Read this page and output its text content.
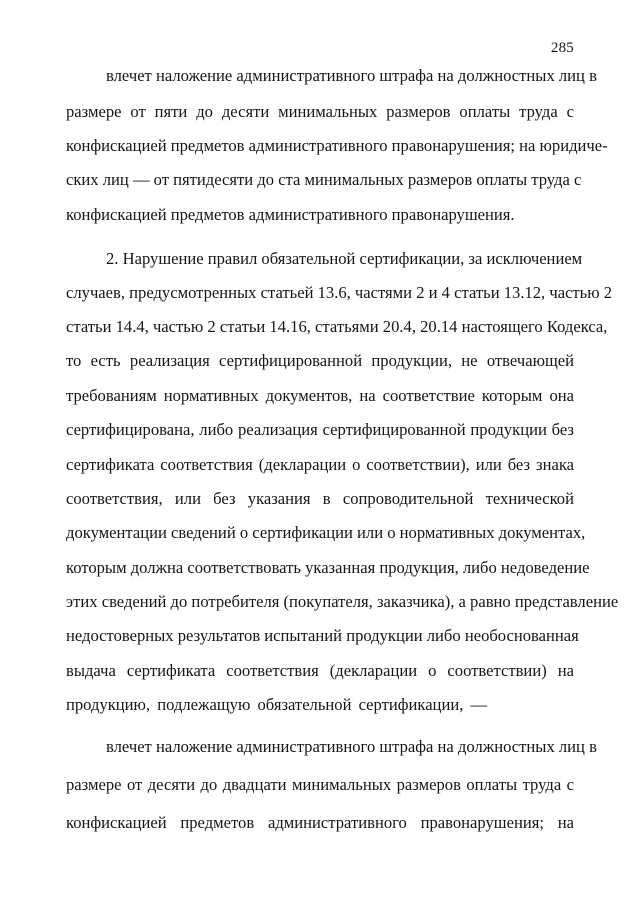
285
влечет наложение административного штрафа на должностных лиц в
размере от пяти до десяти минимальных размеров оплаты труда с
конфискацией предметов административного правонарушения; на юридиче-
ских лиц — от пятидесяти до ста минимальных размеров оплаты труда с
конфискацией предметов административного правонарушения.
2. Нарушение правил обязательной сертификации, за исключением
случаев, предусмотренных статьей 13.6, частями 2 и 4 статьи 13.12, частью 2
статьи 14.4, частью 2 статьи 14.16, статьями 20.4, 20.14 настоящего Кодекса,
то есть реализация сертифицированной продукции, не отвечающей
требованиям нормативных документов, на соответствие которым она
сертифицирована, либо реализация сертифицированной продукции без
сертификата соответствия (декларации о соответствии), или без знака
соответствия, или без указания в сопроводительной технической
документации сведений о сертификации или о нормативных документах,
которым должна соответствовать указанная продукция, либо недоведение
этих сведений до потребителя (покупателя, заказчика), а равно представление
недостоверных результатов испытаний продукции либо необоснованная
выдача сертификата соответствия (декларации о соответствии) на
продукцию, подлежащую обязательной сертификации, —
влечет наложение административного штрафа на должностных лиц в
размере от десяти до двадцати минимальных размеров оплаты труда с
конфискацией предметов административного правонарушения; на
